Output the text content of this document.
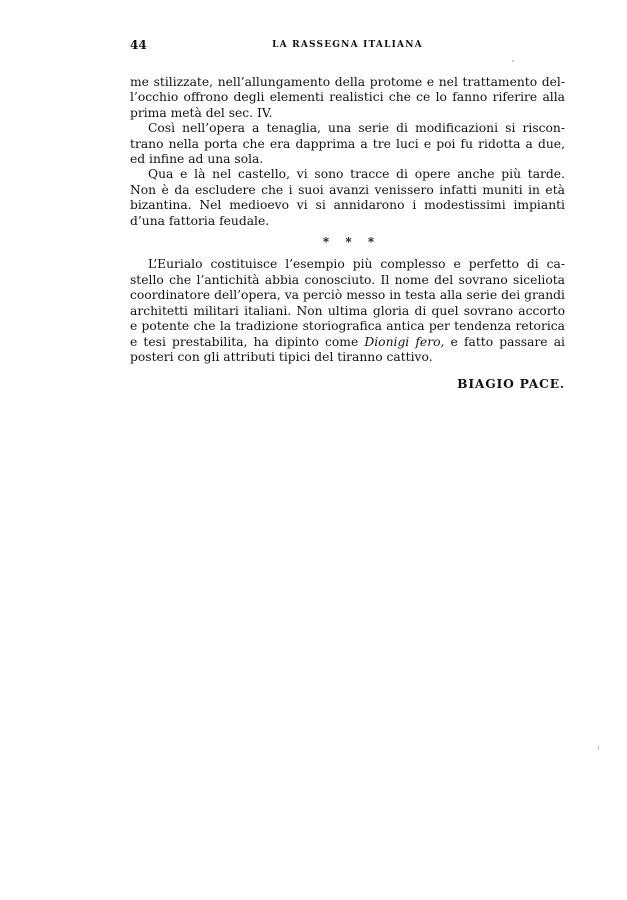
44	LA RASSEGNA ITALIANA

me stilizzate, nell’allungamento della protome e nel trattamento del-
l’occhio offrono degli elementi realistici che ce lo fanno riferire alla
prima metà del sec. IV.

Così nell’opera a tenaglia, una serie di modificazioni si riscon-
trano nella porta che era dapprima a tre luci e poi fu ridotta a due,
ed infine ad una sola.

Qua e là nel castello, vi sono tracce di opere anche più tarde.
Non è da escludere che i suoi avanzi venissero infatti muniti in età
bizantina. Nel medioevo vi si annidarono i modestissimi impianti
d’una fattoria feudale.

* * *

L’Eurialo costituisce l’esempio più complesso e perfetto di ca-
stello che l’antichità abbia conosciuto. Il nome del sovrano siceliota
coordinatore dell’opera, va perciò messo in testa alla serie dei grandi
architetti militari italiani. Non ultima gloria di quel sovrano accorto
e potente che la tradizione storiografica antica per tendenza retorica
e tesi prestabilita, ha dipinto come Dionigi fero, e fatto passare ai
posteri con gli attributi tipici del tiranno cattivo.

BIAGIO PACE.
